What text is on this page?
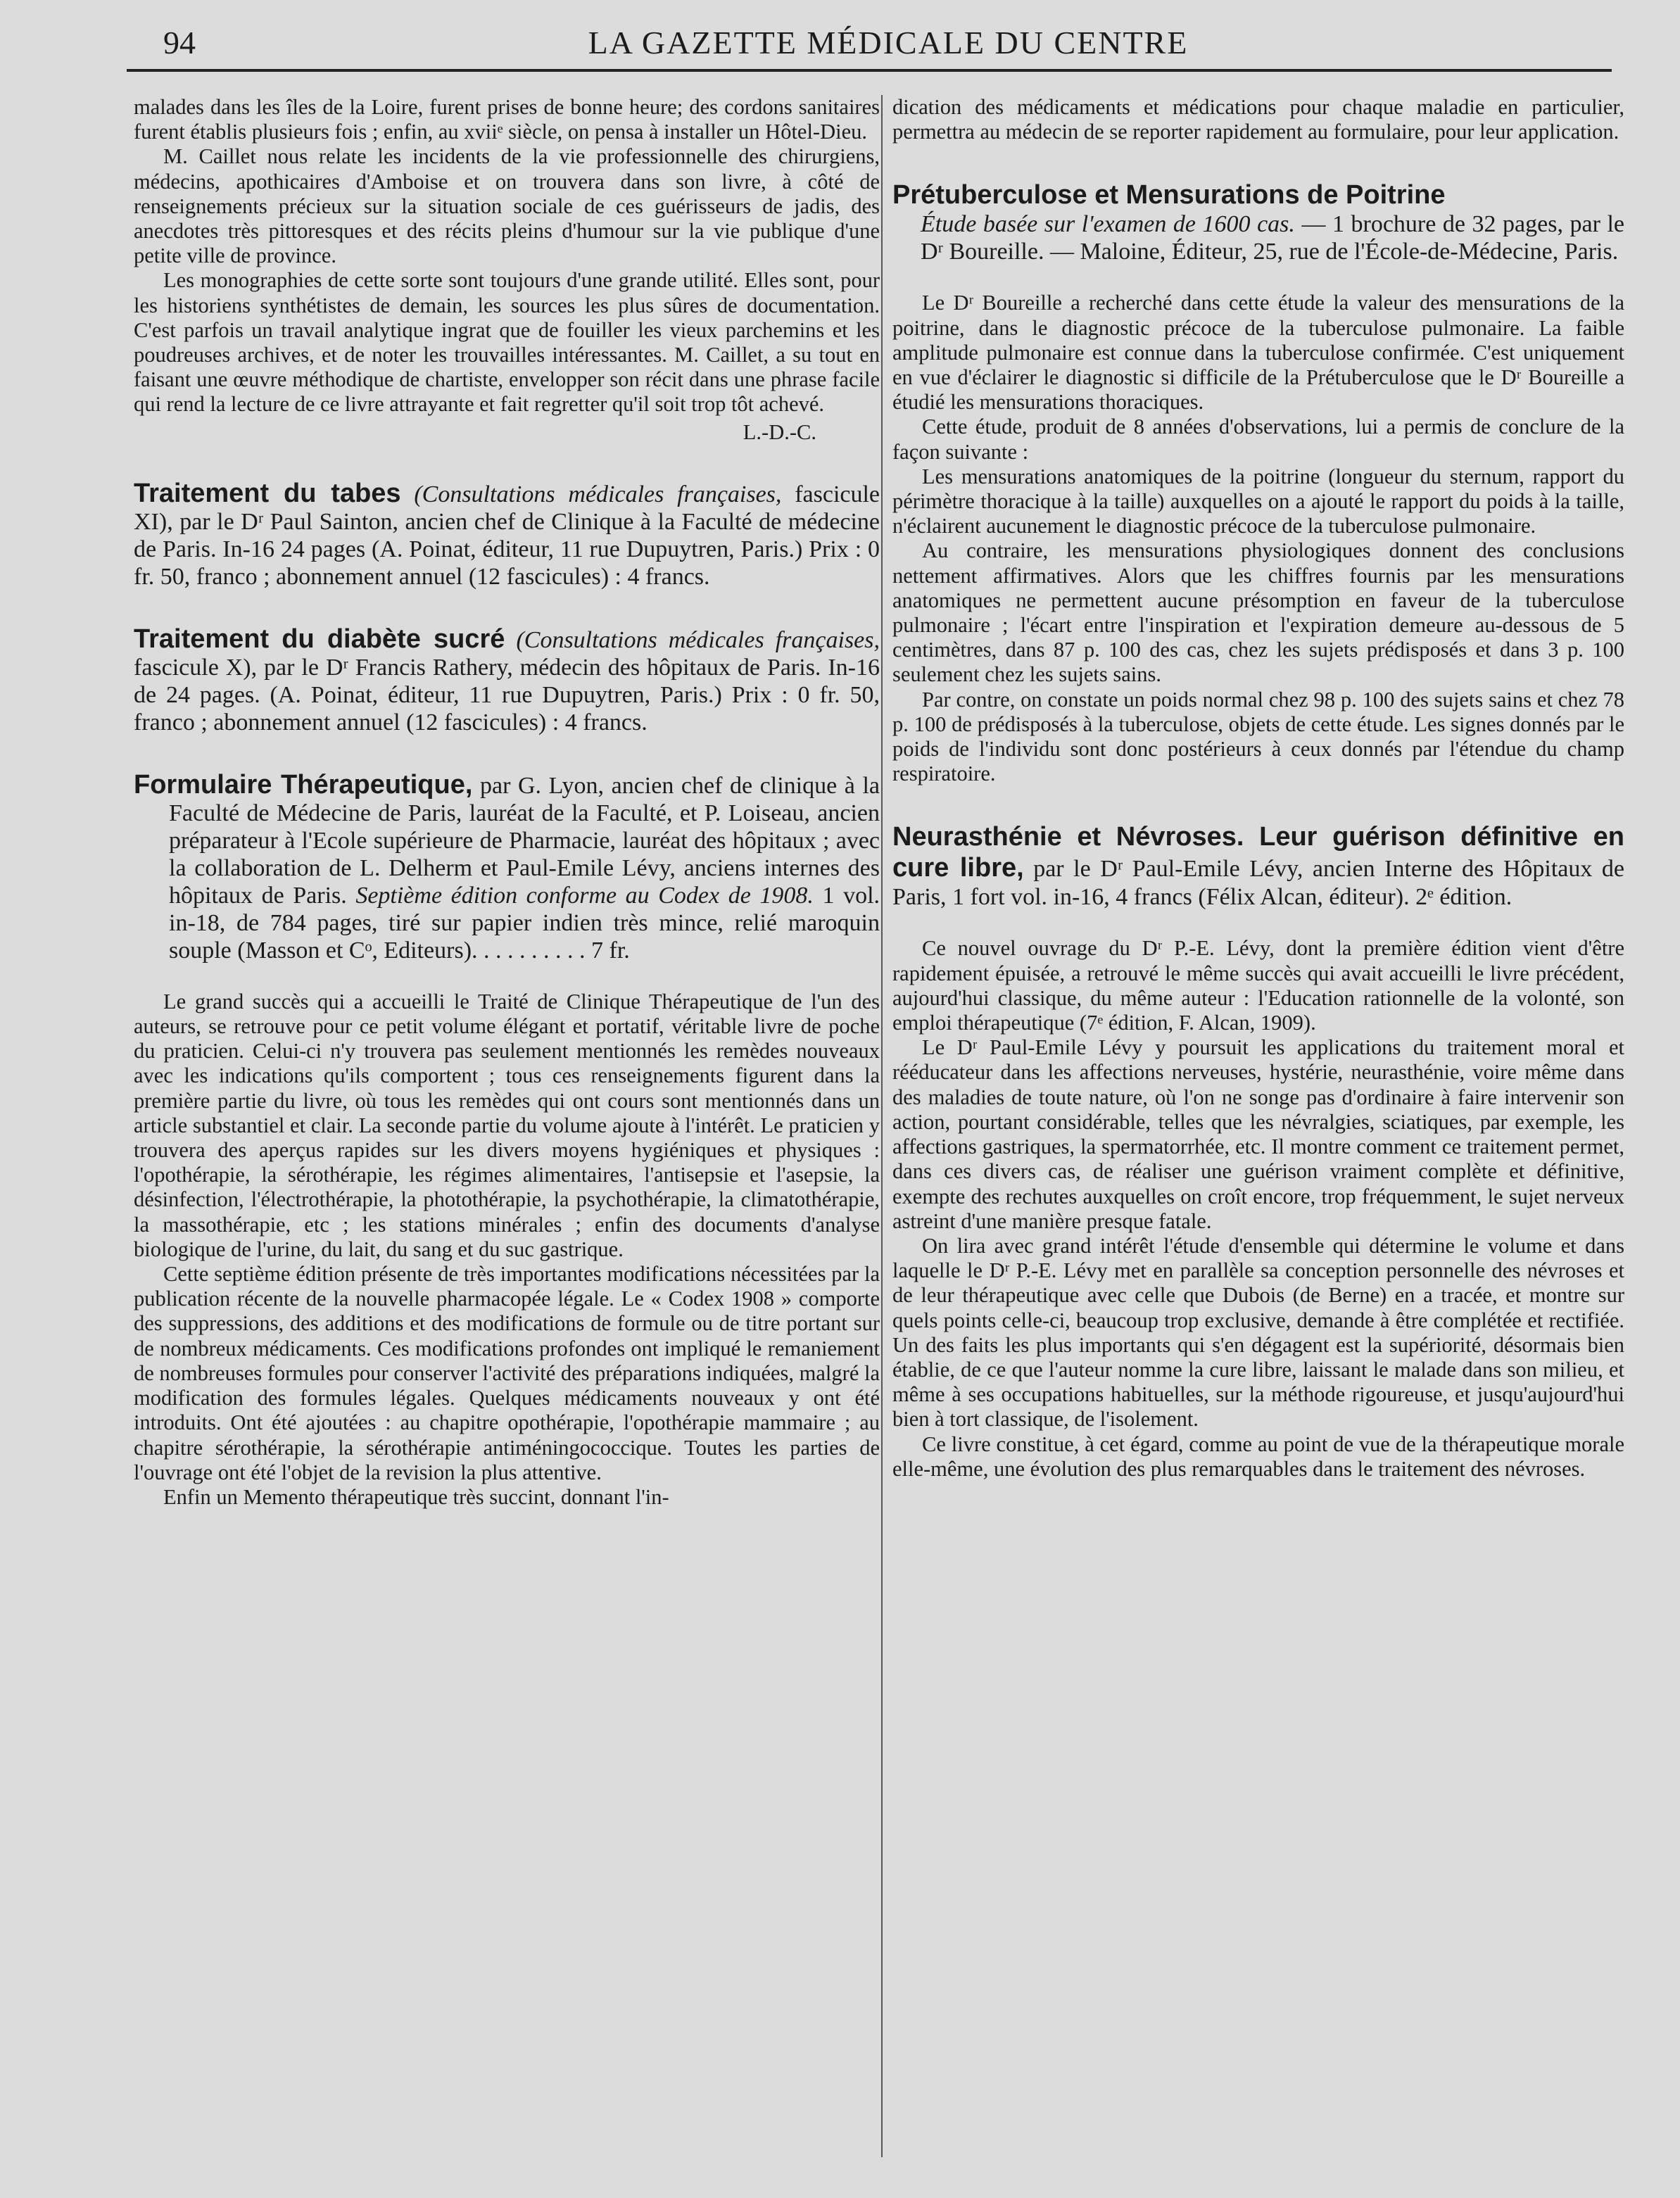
94	LA GAZETTE MÉDICALE DU CENTRE

malades dans les îles de la Loire, furent prises de bonne heure; des cordons sanitaires furent établis plusieurs fois ; enfin, au xviiᵉ siècle, on pensa à installer un Hôtel-Dieu.

M. Caillet nous relate les incidents de la vie professionnelle des chirurgiens, médecins, apothicaires d'Amboise et on trouvera dans son livre, à côté de renseignements précieux sur la situation sociale de ces guérisseurs de jadis, des anecdotes très pittoresques et des récits pleins d'humour sur la vie publique d'une petite ville de province.

Les monographies de cette sorte sont toujours d'une grande utilité. Elles sont, pour les historiens synthétistes de demain, les sources les plus sûres de documentation. C'est parfois un travail analytique ingrat que de fouiller les vieux parchemins et les poudreuses archives, et de noter les trouvailles intéressantes. M. Caillet, a su tout en faisant une œuvre méthodique de chartiste, envelopper son récit dans une phrase facile qui rend la lecture de ce livre attrayante et fait regretter qu'il soit trop tôt achevé.

L.-D.-C.

Traitement du tabes (Consultations médicales françaises, fascicule XI), par le Dʳ Paul Sainton, ancien chef de Clinique à la Faculté de médecine de Paris. In-16 24 pages (A. Poinat, éditeur, 11 rue Dupuytren, Paris.) Prix : 0 fr. 50, franco ; abonnement annuel (12 fascicules) : 4 francs.

Traitement du diabète sucré (Consultations médicales françaises, fascicule X), par le Dʳ Francis Rathery, médecin des hôpitaux de Paris. In-16 de 24 pages. (A. Poinat, éditeur, 11 rue Dupuytren, Paris.) Prix : 0 fr. 50, franco ; abonnement annuel (12 fascicules) : 4 francs.

Formulaire Thérapeutique, par G. Lyon, ancien chef de clinique à la Faculté de Médecine de Paris, lauréat de la Faculté, et P. Loiseau, ancien préparateur à l'Ecole supérieure de Pharmacie, lauréat des hôpitaux ; avec la collaboration de L. Delherm et Paul-Emile Lévy, anciens internes des hôpitaux de Paris. Septième édition conforme au Codex de 1908. 1 vol. in-18, de 784 pages, tiré sur papier indien très mince, relié maroquin souple (Masson et Cᵒ, Editeurs). . . . . . . . . . 7 fr.

Le grand succès qui a accueilli le Traité de Clinique Thérapeutique de l'un des auteurs, se retrouve pour ce petit volume élégant et portatif, véritable livre de poche du praticien. Celui-ci n'y trouvera pas seulement mentionnés les remèdes nouveaux avec les indications qu'ils comportent ; tous ces renseignements figurent dans la première partie du livre, où tous les remèdes qui ont cours sont mentionnés dans un article substantiel et clair. La seconde partie du volume ajoute à l'intérêt. Le praticien y trouvera des aperçus rapides sur les divers moyens hygiéniques et physiques : l'opothérapie, la sérothérapie, les régimes alimentaires, l'antisepsie et l'asepsie, la désinfection, l'électrothérapie, la photothérapie, la psychothérapie, la climatothérapie, la massothérapie, etc ; les stations minérales ; enfin des documents d'analyse biologique de l'urine, du lait, du sang et du suc gastrique.

Cette septième édition présente de très importantes modifications nécessitées par la publication récente de la nouvelle pharmacopée légale. Le « Codex 1908 » comporte des suppressions, des additions et des modifications de formule ou de titre portant sur de nombreux médicaments. Ces modifications profondes ont impliqué le remaniement de nombreuses formules pour conserver l'activité des préparations indiquées, malgré la modification des formules légales. Quelques médicaments nouveaux y ont été introduits. Ont été ajoutées : au chapitre opothérapie, l'opothérapie mammaire ; au chapitre sérothérapie, la sérothérapie antiméningococcique. Toutes les parties de l'ouvrage ont été l'objet de la revision la plus attentive.

Enfin un Memento thérapeutique très succint, donnant l'in-

dication des médicaments et médications pour chaque maladie en particulier, permettra au médecin de se reporter rapidement au formulaire, pour leur application.

Prétuberculose et Mensurations de Poitrine

Étude basée sur l'examen de 1600 cas. — 1 brochure de 32 pages, par le Dʳ Boureille. — Maloine, Éditeur, 25, rue de l'École-de-Médecine, Paris.

Le Dʳ Boureille a recherché dans cette étude la valeur des mensurations de la poitrine, dans le diagnostic précoce de la tuberculose pulmonaire. La faible amplitude pulmonaire est connue dans la tuberculose confirmée. C'est uniquement en vue d'éclairer le diagnostic si difficile de la Prétuberculose que le Dʳ Boureille a étudié les mensurations thoraciques.

Cette étude, produit de 8 années d'observations, lui a permis de conclure de la façon suivante :

Les mensurations anatomiques de la poitrine (longueur du sternum, rapport du périmètre thoracique à la taille) auxquelles on a ajouté le rapport du poids à la taille, n'éclairent aucunement le diagnostic précoce de la tuberculose pulmonaire.

Au contraire, les mensurations physiologiques donnent des conclusions nettement affirmatives. Alors que les chiffres fournis par les mensurations anatomiques ne permettent aucune présomption en faveur de la tuberculose pulmonaire ; l'écart entre l'inspiration et l'expiration demeure au-dessous de 5 centimètres, dans 87 p. 100 des cas, chez les sujets prédisposés et dans 3 p. 100 seulement chez les sujets sains.

Par contre, on constate un poids normal chez 98 p. 100 des sujets sains et chez 78 p. 100 de prédisposés à la tuberculose, objets de cette étude. Les signes donnés par le poids de l'individu sont donc postérieurs à ceux donnés par l'étendue du champ respiratoire.

Neurasthénie et Névroses. Leur guérison définitive en cure libre, par le Dʳ Paul-Emile Lévy, ancien Interne des Hôpitaux de Paris, 1 fort vol. in-16, 4 francs (Félix Alcan, éditeur). 2ᵉ édition.

Ce nouvel ouvrage du Dʳ P.-E. Lévy, dont la première édition vient d'être rapidement épuisée, a retrouvé le même succès qui avait accueilli le livre précédent, aujourd'hui classique, du même auteur : l'Education rationnelle de la volonté, son emploi thérapeutique (7ᵉ édition, F. Alcan, 1909).

Le Dʳ Paul-Emile Lévy y poursuit les applications du traitement moral et rééducateur dans les affections nerveuses, hystérie, neurasthénie, voire même dans des maladies de toute nature, où l'on ne songe pas d'ordinaire à faire intervenir son action, pourtant considérable, telles que les névralgies, sciatiques, par exemple, les affections gastriques, la spermatorrhée, etc. Il montre comment ce traitement permet, dans ces divers cas, de réaliser une guérison vraiment complète et définitive, exempte des rechutes auxquelles on croît encore, trop fréquemment, le sujet nerveux astreint d'une manière presque fatale.

On lira avec grand intérêt l'étude d'ensemble qui détermine le volume et dans laquelle le Dʳ P.-E. Lévy met en parallèle sa conception personnelle des névroses et de leur thérapeutique avec celle que Dubois (de Berne) en a tracée, et montre sur quels points celle-ci, beaucoup trop exclusive, demande à être complétée et rectifiée. Un des faits les plus importants qui s'en dégagent est la supériorité, désormais bien établie, de ce que l'auteur nomme la cure libre, laissant le malade dans son milieu, et même à ses occupations habituelles, sur la méthode rigoureuse, et jusqu'aujourd'hui bien à tort classique, de l'isolement.

Ce livre constitue, à cet égard, comme au point de vue de la thérapeutique morale elle-même, une évolution des plus remarquables dans le traitement des névroses.
